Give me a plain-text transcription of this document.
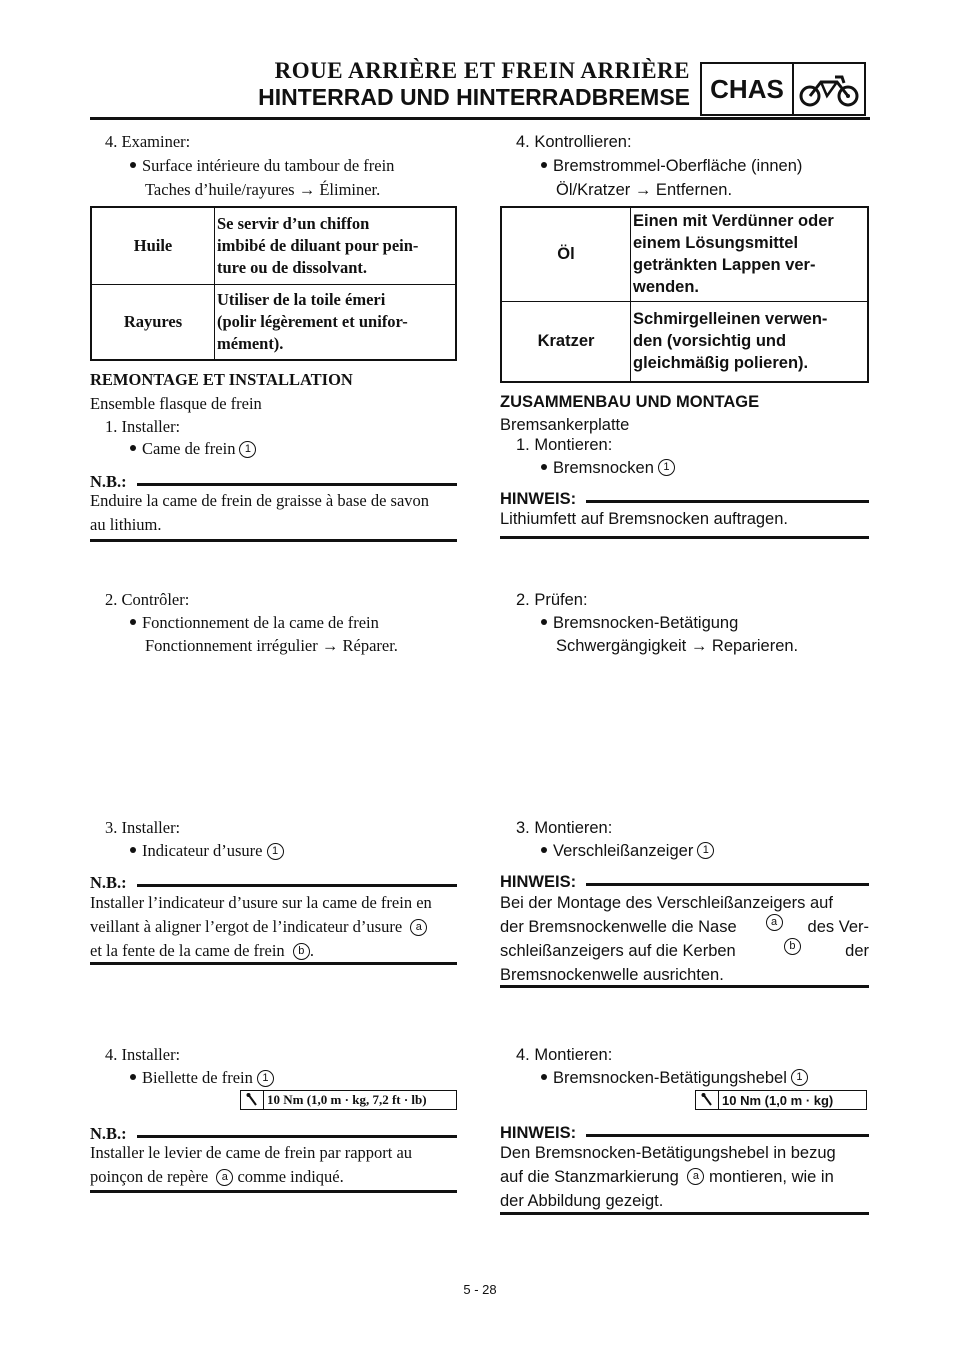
ROUE ARRIÈRE ET FREIN ARRIÈRE
HINTERRAD UND HINTERRADBREMSE CHAS
4. Examiner:
Surface intérieure du tambour de frein
Taches d’huile/rayures → Éliminer.
Huile	Se servir d’un chiffon
imbibé de diluant pour pein-
ture ou de dissolvant.

Rayures	Utiliser de la toile émeri
(polir légèrement et unifor-
mément).
REMONTAGE ET INSTALLATION
Ensemble flasque de frein
1. Installer:
Came de frein 1
N.B.:
Enduire la came de frein de graisse à base de savon
au lithium.
2. Contrôler:
Fonctionnement de la came de frein
Fonctionnement irrégulier → Réparer.
3. Installer:
Indicateur d’usure 1
N.B.:
Installer l’indicateur d’usure sur la came de frein en
veillant à aligner l’ergot de l’indicateur d’usure a
et la fente de la came de frein b .
4. Installer:
Biellette de frein 1
10 Nm (1,0 m · kg, 7,2 ft · lb)
N.B.:
Installer le levier de came de frein par rapport au
poinçon de repère a comme indiqué.
4. Kontrollieren:
Bremstrommel-Oberfläche (innen)
Öl/Kratzer → Entfernen.
Öl	Einen mit Verdünner oder
einem Lösungsmittel
getränkten Lappen ver-
wenden.

Kratzer	Schmirgelleinen verwen-
den (vorsichtig und
gleichmäßig polieren).
ZUSAMMENBAU UND MONTAGE
Bremsankerplatte
1. Montieren:
Bremsnocken 1
HINWEIS:
Lithiumfett auf Bremsnocken auftragen.
2. Prüfen:
Bremsnocken-Betätigung
Schwergängigkeit → Reparieren.
3. Montieren:
Verschleißanzeiger 1
HINWEIS:
Bei der Montage des Verschleißanzeigers auf
der Bremsnockenwelle die Nase	a	des Ver-
schleißanzeigers auf die Kerben	b	der
Bremsnockenwelle ausrichten.
4. Montieren:
Bremsnocken-Betätigungshebel 1
10 Nm (1,0 m · kg)
HINWEIS:
Den Bremsnocken-Betätigungshebel in bezug
auf die Stanzmarkierung a montieren, wie in
der Abbildung gezeigt.
5 - 28
